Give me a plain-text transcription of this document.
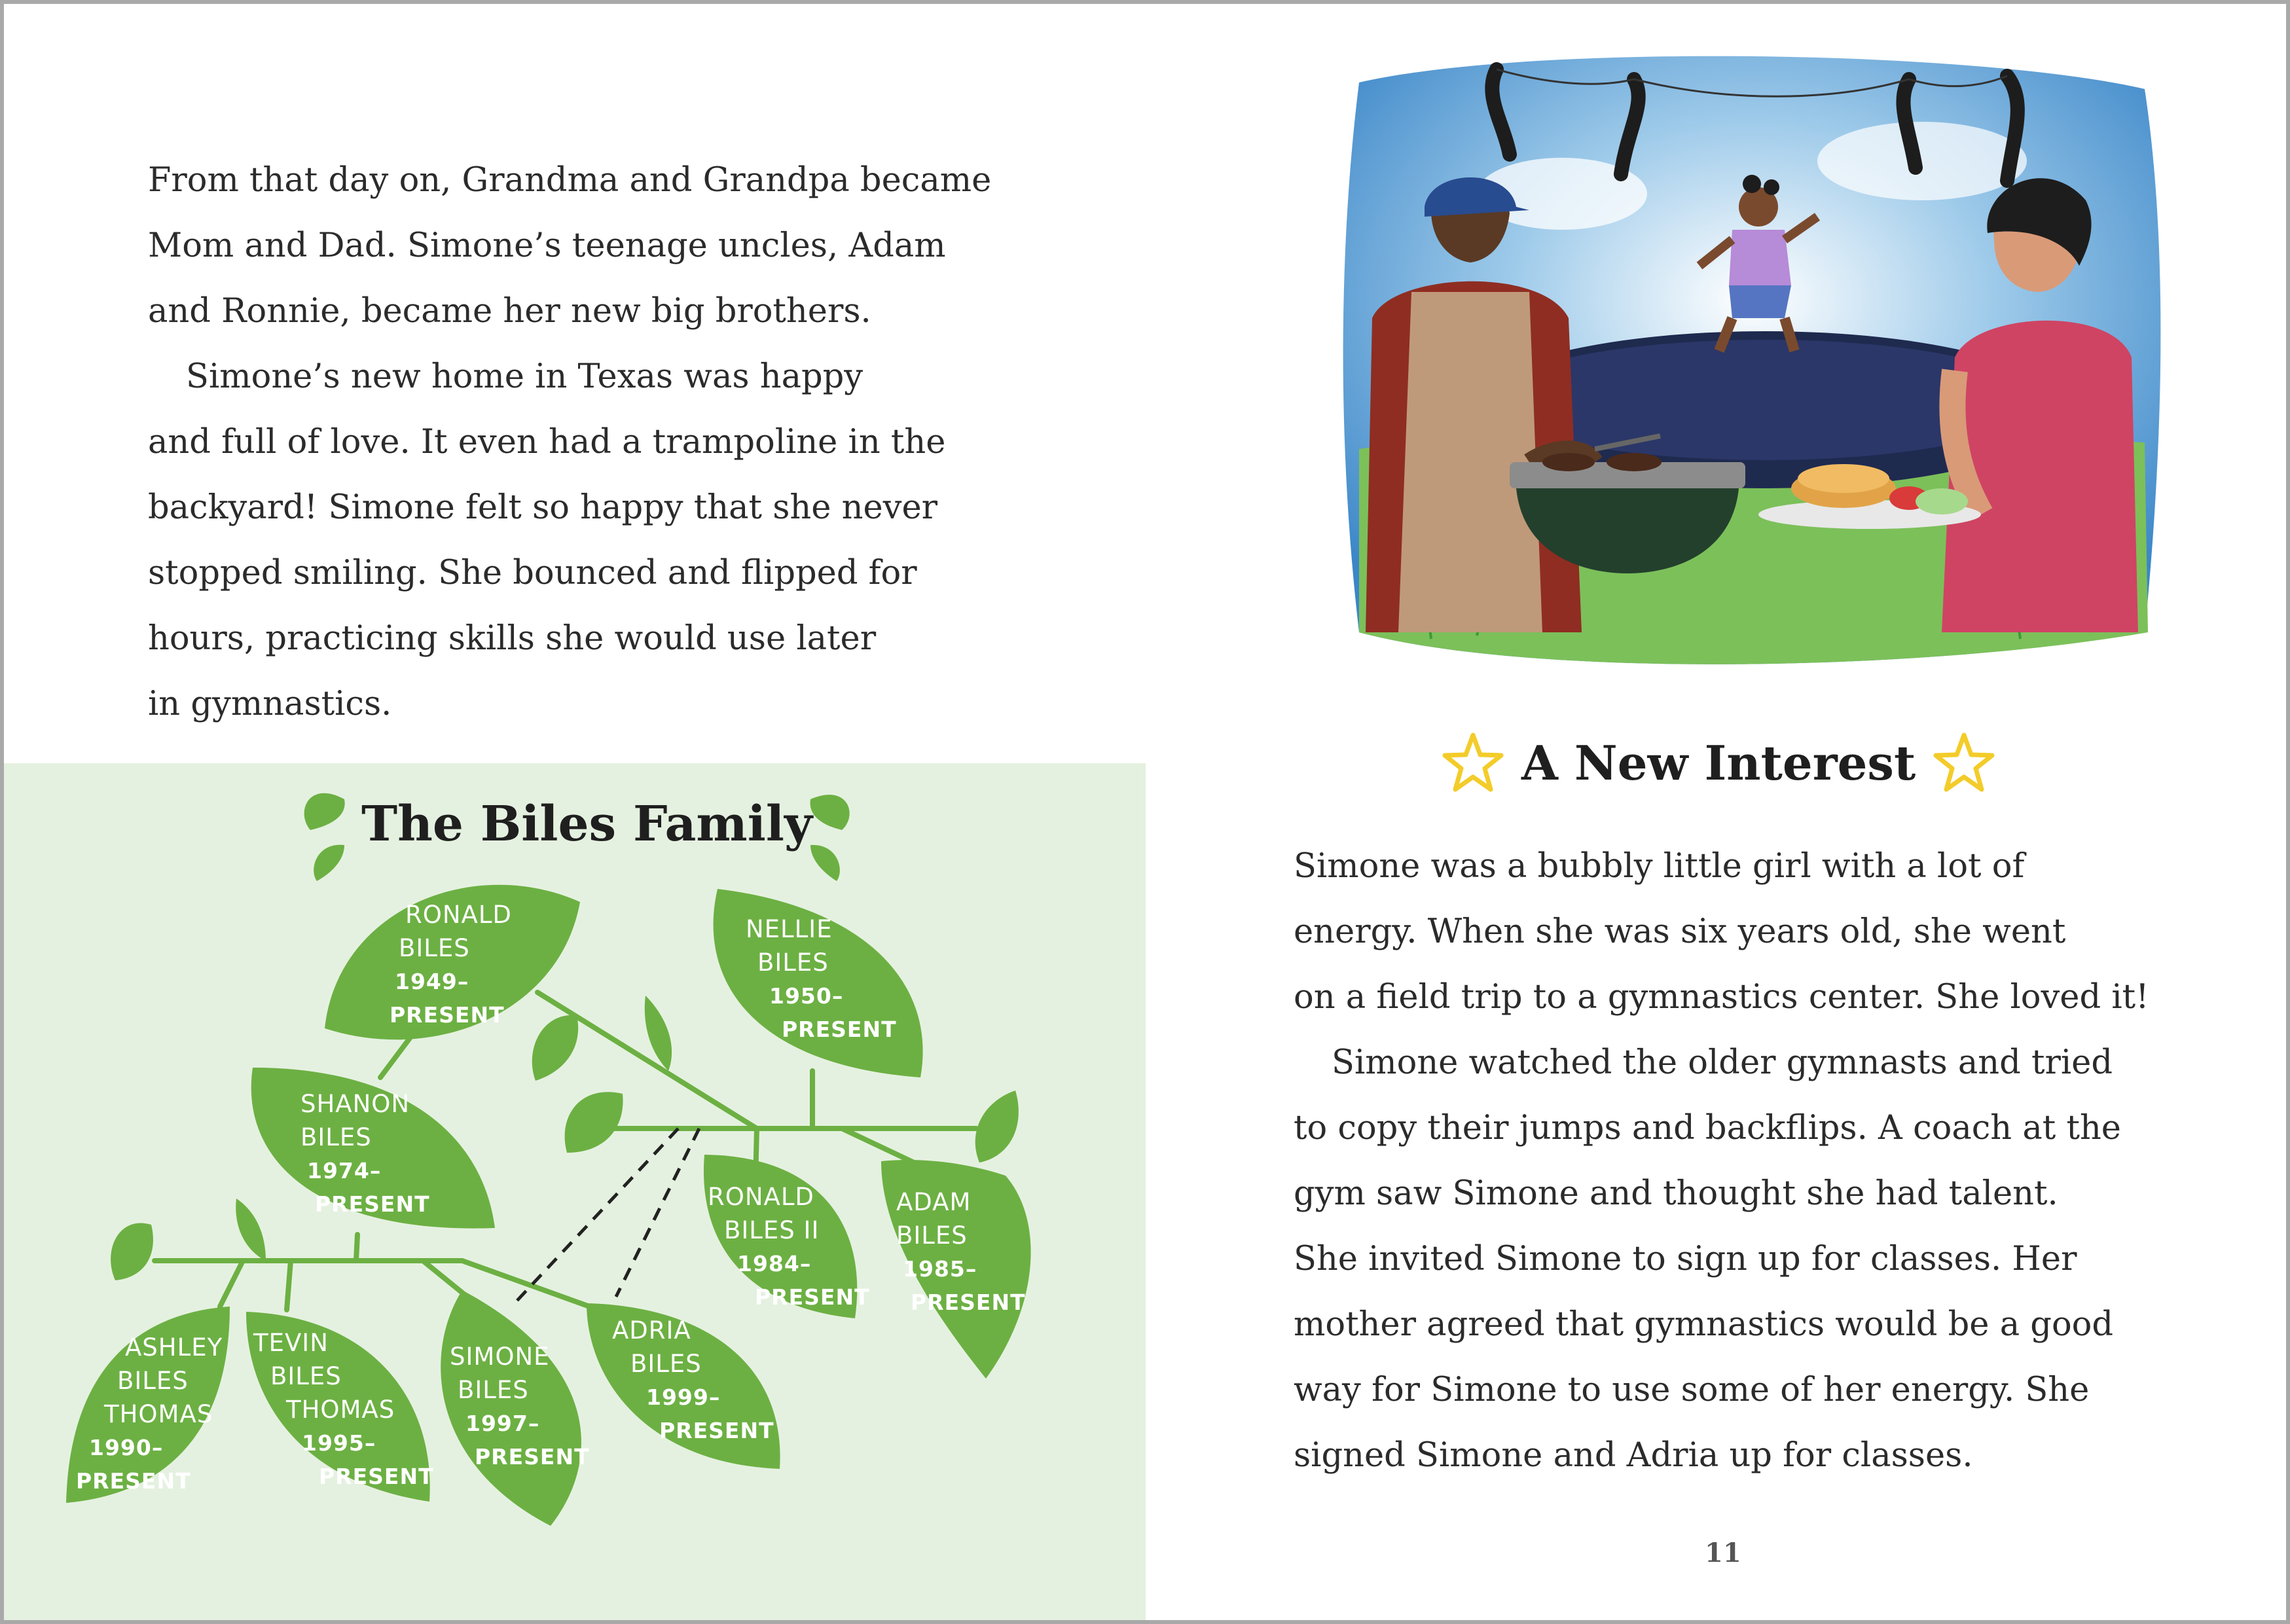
From that day on, Grandma and Grandpa became
Mom and Dad. Simone’s teenage uncles, Adam
and Ronnie, became her new big brothers.
Simone’s new home in Texas was happy
and full of love. It even had a trampoline in the
backyard! Simone felt so happy that she never
stopped smiling. She bounced and flipped for
hours, practicing skills she would use later
in gymnastics.
The Biles Family
RONALD
BILES
1949–
PRESENT
NELLIE
BILES
1950–
PRESENT
SHANON
BILES
1974–
PRESENT	RONALD
BILES II
1984–
PRESENT
ADAM
BILES
1985–
PRESENT
ASHLEY
BILES
THOMAS
1990–
PRESENT
TEVIN
BILES
THOMAS
1995–
PRESENT
SIMONE
BILES
1997–
PRESENT
ADRIA
BILES
1999–
PRESENT
A New Interest
Simone was a bubbly little girl with a lot of
energy. When she was six years old, she went
on a field trip to a gymnastics center. She loved it!
Simone watched the older gymnasts and tried
to copy their jumps and backflips. A coach at the
gym saw Simone and thought she had talent.
She invited Simone to sign up for classes. Her
mother agreed that gymnastics would be a good
way for Simone to use some of her energy. She
signed Simone and Adria up for classes.
11
